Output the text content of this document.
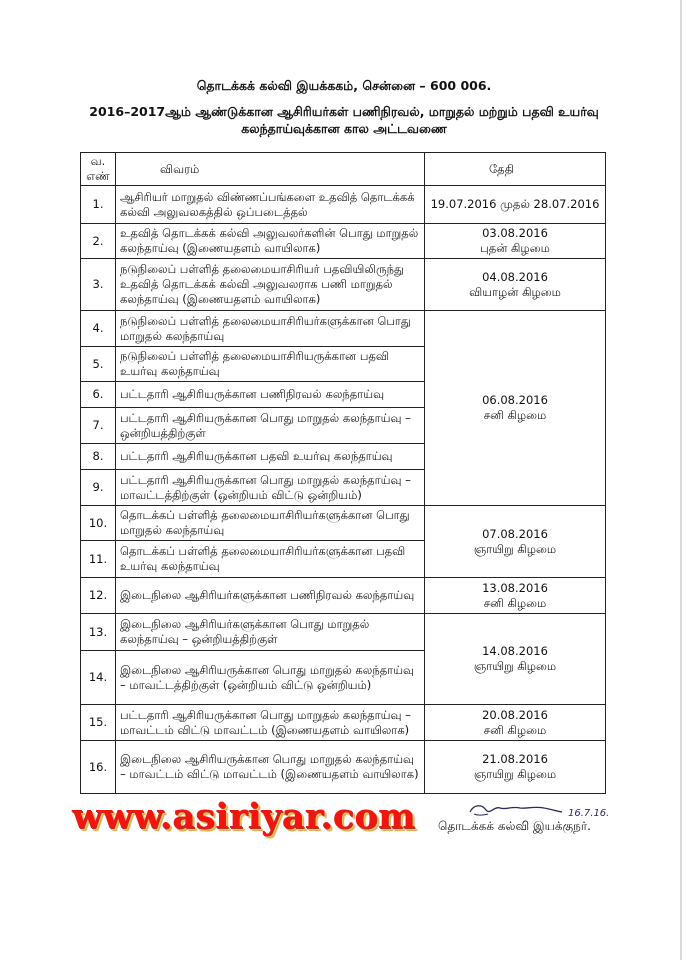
தொடக்கக் கல்வி இயக்ககம், சென்னை – 600 006.
2016–2017ஆம் ஆண்டுக்கான ஆசிரியர்கள் பணிநிரவல், மாறுதல் மற்றும் பதவி உயர்வு
கலந்தாய்வுக்கான கால அட்டவணை
வ. எண்	விவரம்	தேதி
1.	ஆசிரியர் மாறுதல் விண்ணப்பங்களை உதவித் தொடக்கக் கல்வி அலுவலகத்தில் ஒப்படைத்தல்	19.07.2016 முதல் 28.07.2016

2.	உதவித் தொடக்கக் கல்வி அலுவலர்களின் பொது மாறுதல் கலந்தாய்வு (இணையதளம் வாயிலாக)	03.08.2016
புதன் கிழமை

3.	நடுநிலைப் பள்ளித் தலைமையாசிரியர் பதவியிலிருந்து உதவித் தொடக்கக் கல்வி அலுவலராக பணி மாறுதல் கலந்தாய்வு (இணையதளம் வாயிலாக)	04.08.2016
வியாழன் கிழமை

4.	நடுநிலைப் பள்ளித் தலைமையாசிரியர்களுக்கான பொது மாறுதல் கலந்தாய்வு	06.08.2016
சனி கிழமை

5.	நடுநிலைப் பள்ளித் தலைமையாசிரியருக்கான பதவி உயர்வு கலந்தாய்வு	
6.	பட்டதாரி ஆசிரியருக்கான பணிநிரவல் கலந்தாய்வு	
7.	பட்டதாரி ஆசிரியருக்கான பொது மாறுதல் கலந்தாய்வு – ஒன்றியத்திற்குள்	
8.	பட்டதாரி ஆசிரியருக்கான பதவி உயர்வு கலந்தாய்வு	
9.	பட்டதாரி ஆசிரியருக்கான பொது மாறுதல் கலந்தாய்வு – மாவட்டத்திற்குள் (ஒன்றியம் விட்டு ஒன்றியம்)	
10.	தொடக்கப் பள்ளித் தலைமையாசிரியர்களுக்கான பொது மாறுதல் கலந்தாய்வு	07.08.2016
ஞாயிறு கிழமை

11.	தொடக்கப் பள்ளித் தலைமையாசிரியர்களுக்கான பதவி உயர்வு கலந்தாய்வு	
12.	இடைநிலை ஆசிரியர்களுக்கான பணிநிரவல் கலந்தாய்வு	13.08.2016
சனி கிழமை

13.	இடைநிலை ஆசிரியர்களுக்கான பொது மாறுதல் கலந்தாய்வு – ஒன்றியத்திற்குள்	14.08.2016
ஞாயிறு கிழமை

14.	இடைநிலை ஆசிரியருக்கான பொது மாறுதல் கலந்தாய்வு – மாவட்டத்திற்குள் (ஒன்றியம் விட்டு ஒன்றியம்)	
15.	பட்டதாரி ஆசிரியருக்கான பொது மாறுதல் கலந்தாய்வு – மாவட்டம் விட்டு மாவட்டம் (இணையதளம் வாயிலாக)	20.08.2016
சனி கிழமை

16.	இடைநிலை ஆசிரியருக்கான பொது மாறுதல் கலந்தாய்வு – மாவட்டம் விட்டு மாவட்டம் (இணையதளம் வாயிலாக)	21.08.2016
ஞாயிறு கிழமை
www.asiriyar.com	16.7.16.
தொடக்கக் கல்வி இயக்குநர்.
